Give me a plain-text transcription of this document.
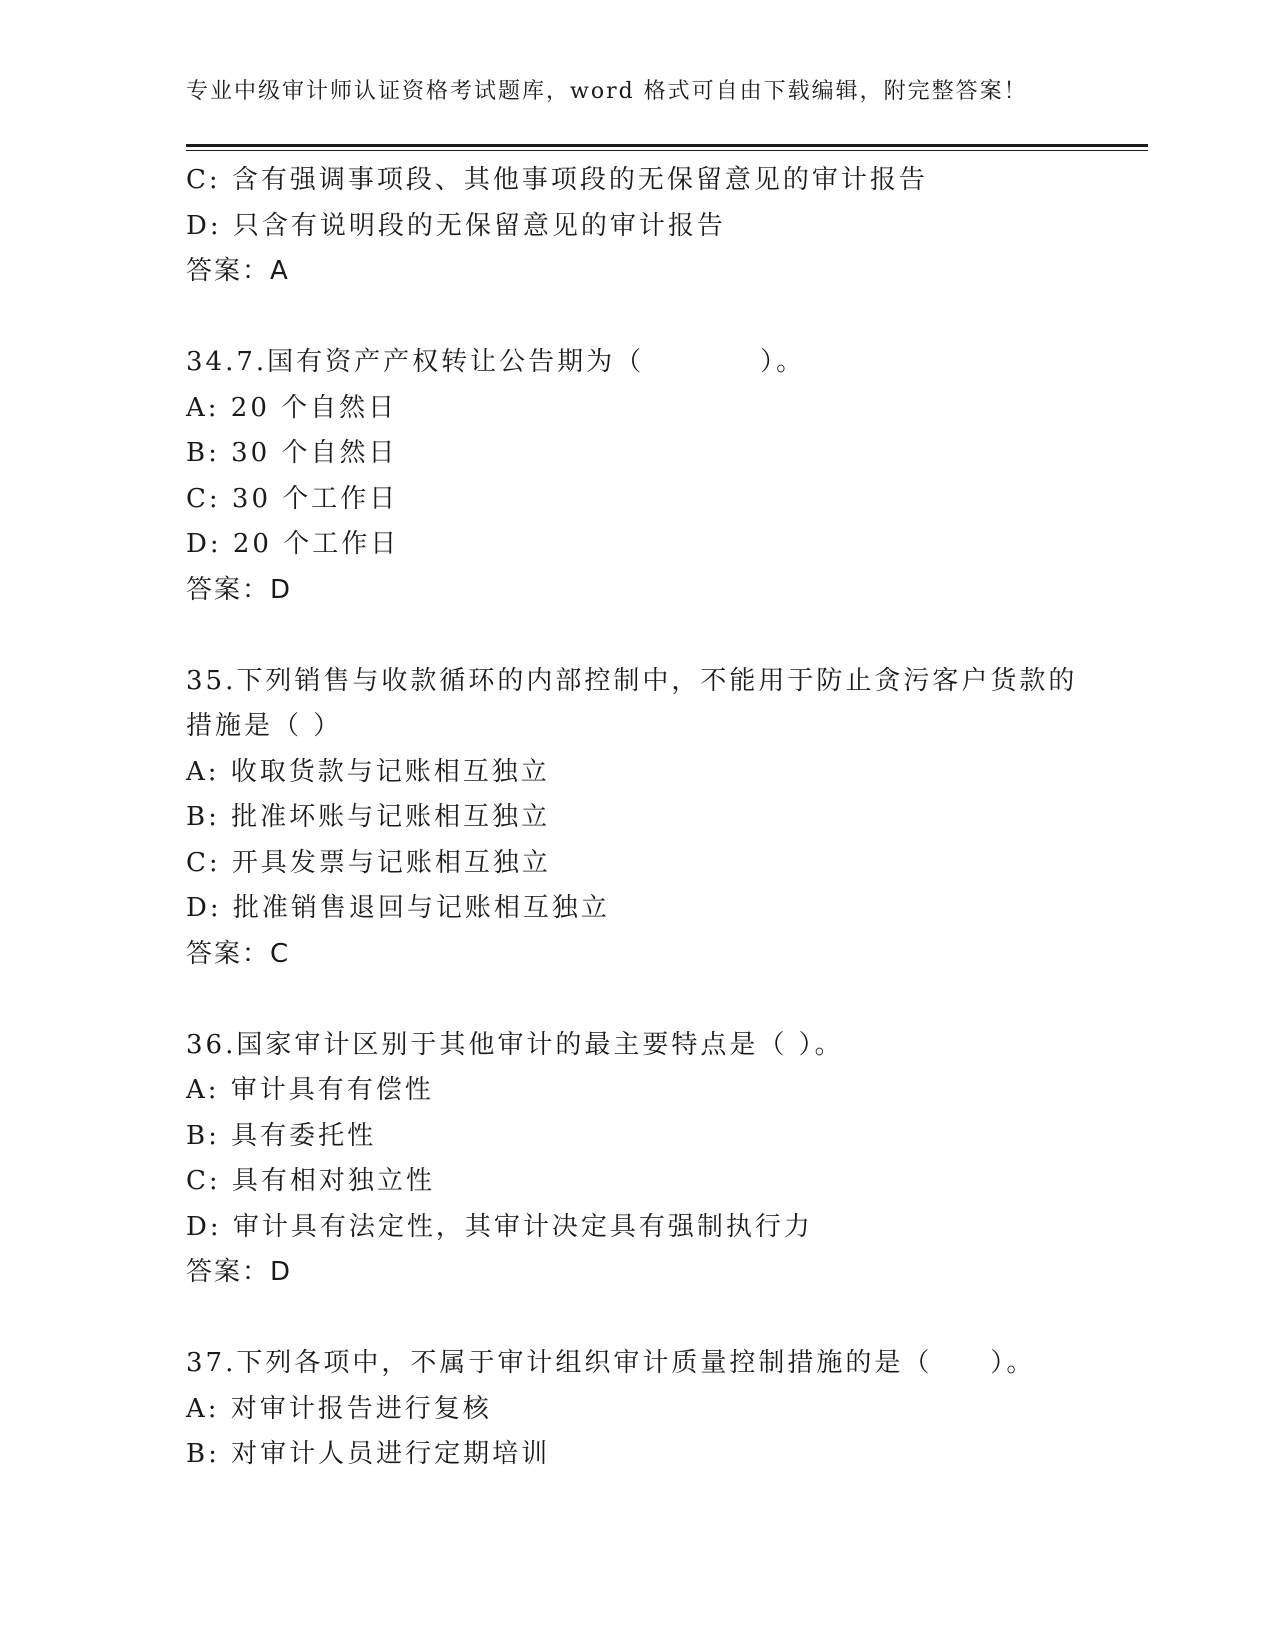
专业中级审计师认证资格考试题库，word 格式可自由下载编辑，附完整答案！
C: 含有强调事项段、其他事项段的无保留意见的审计报告
D: 只含有说明段的无保留意见的审计报告
答案：A
34.7.国有资产产权转让公告期为（　　　　）。
A: 20 个自然日
B: 30 个自然日
C: 30 个工作日
D: 20 个工作日
答案：D
35.下列销售与收款循环的内部控制中，不能用于防止贪污客户货款的
措施是（ ）
A: 收取货款与记账相互独立
B: 批准坏账与记账相互独立
C: 开具发票与记账相互独立
D: 批准销售退回与记账相互独立
答案：C
36.国家审计区别于其他审计的最主要特点是（ ）。
A: 审计具有有偿性
B: 具有委托性
C: 具有相对独立性
D: 审计具有法定性，其审计决定具有强制执行力
答案：D
37.下列各项中，不属于审计组织审计质量控制措施的是（　　）。
A: 对审计报告进行复核
B: 对审计人员进行定期培训
